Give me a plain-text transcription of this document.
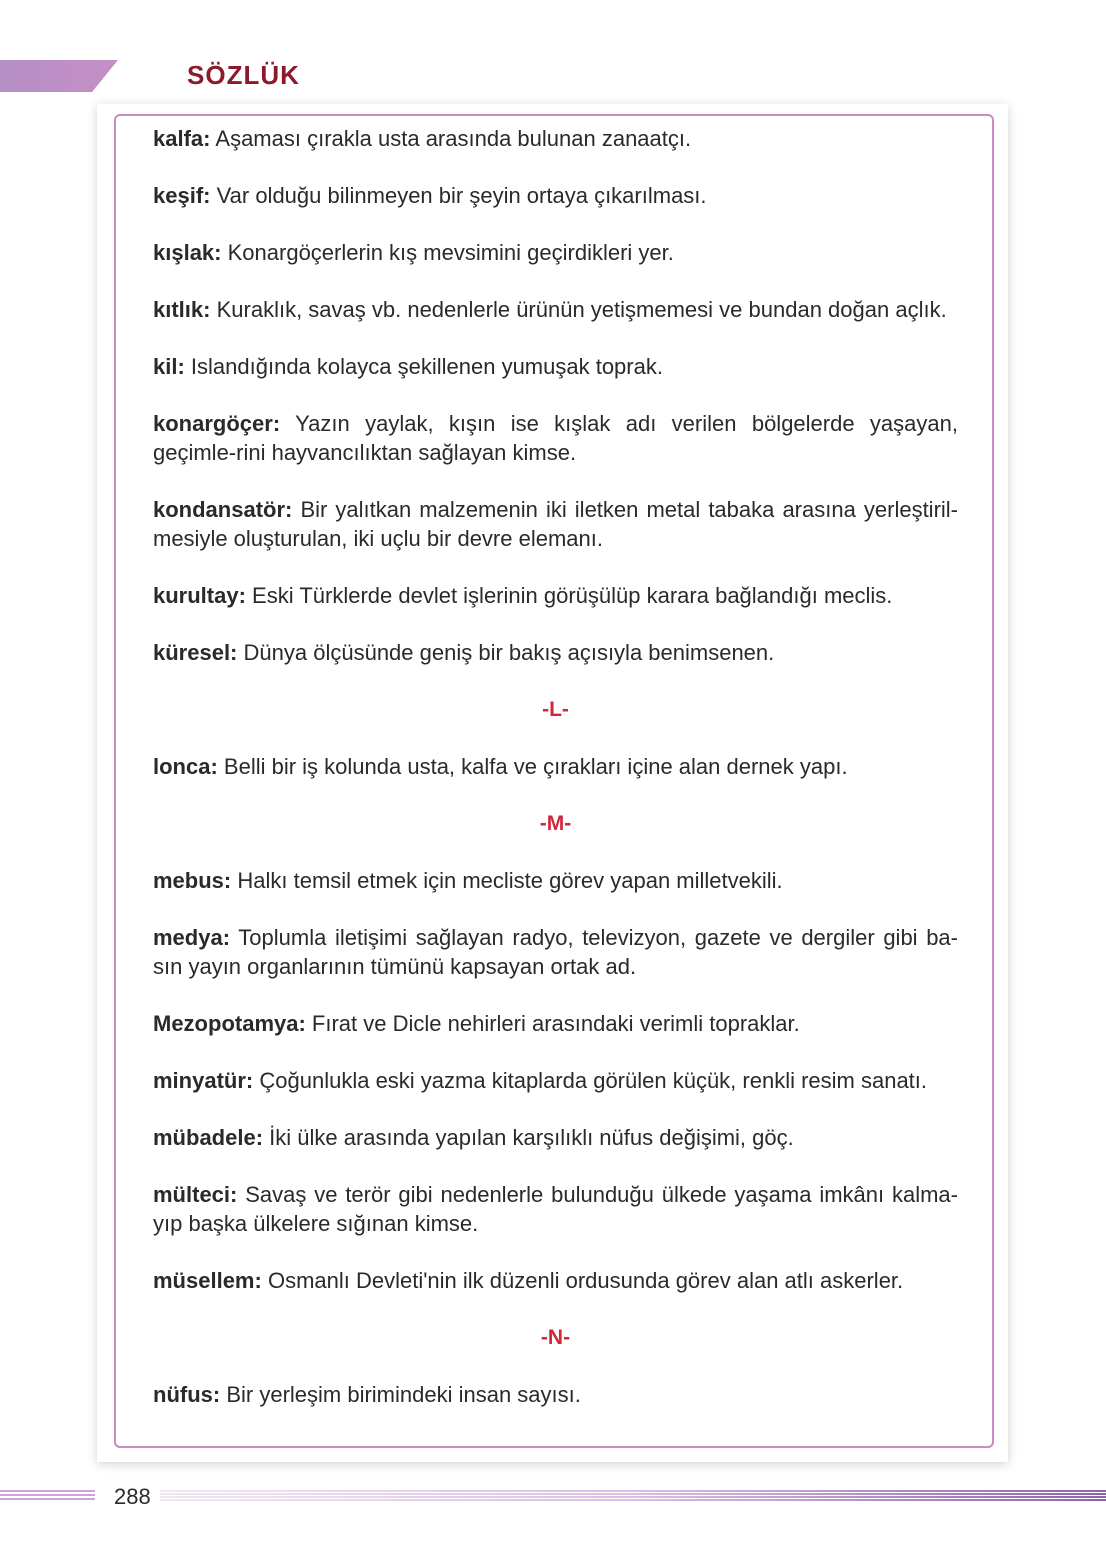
SÖZLÜK

kalfa: Aşaması çırakla usta arasında bulunan zanaatçı.

keşif: Var olduğu bilinmeyen bir şeyin ortaya çıkarılması.

kışlak: Konargöçerlerin kış mevsimini geçirdikleri yer.

kıtlık: Kuraklık, savaş vb. nedenlerle ürünün yetişmemesi ve bundan doğan açlık.

kil: Islandığında kolayca şekillenen yumuşak toprak.

konargöçer: Yazın yaylak, kışın ise kışlak adı verilen bölgelerde yaşayan, geçimle-rini hayvancılıktan sağlayan kimse.

kondansatör: Bir yalıtkan malzemenin iki iletken metal tabaka arasına yerleştiril-mesiyle oluşturulan, iki uçlu bir devre elemanı.

kurultay: Eski Türklerde devlet işlerinin görüşülüp karara bağlandığı meclis.

küresel: Dünya ölçüsünde geniş bir bakış açısıyla benimsenen.

-L-

lonca: Belli bir iş kolunda usta, kalfa ve çırakları içine alan dernek yapı.

-M-

mebus: Halkı temsil etmek için mecliste görev yapan milletvekili.

medya: Toplumla iletişimi sağlayan radyo, televizyon, gazete ve dergiler gibi ba-sın yayın organlarının tümünü kapsayan ortak ad.

Mezopotamya: Fırat ve Dicle nehirleri arasındaki verimli topraklar.

minyatür: Çoğunlukla eski yazma kitaplarda görülen küçük, renkli resim sanatı.

mübadele: İki ülke arasında yapılan karşılıklı nüfus değişimi, göç.

mülteci: Savaş ve terör gibi nedenlerle bulunduğu ülkede yaşama imkânı kalma-yıp başka ülkelere sığınan kimse.

müsellem: Osmanlı Devleti'nin ilk düzenli ordusunda görev alan atlı askerler.

-N-

nüfus: Bir yerleşim birimindeki insan sayısı.

288
